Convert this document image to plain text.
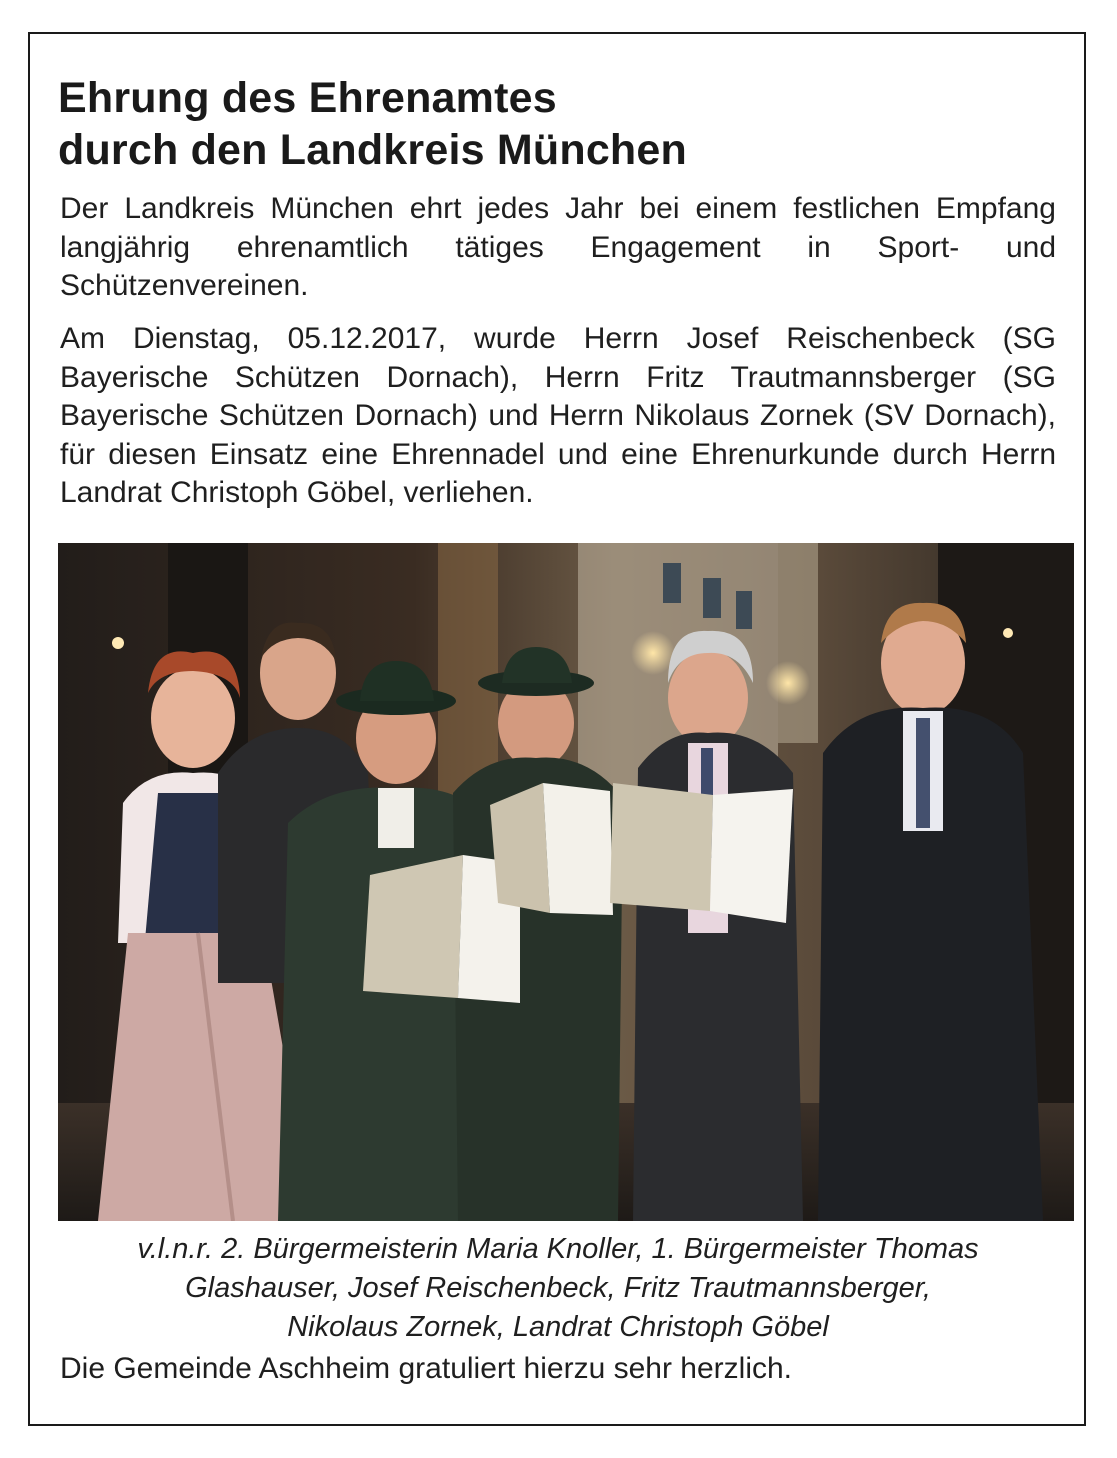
Ehrung des Ehrenamtes
durch den Landkreis München

Der Landkreis München ehrt jedes Jahr bei einem festlichen Empfang langjährig ehrenamtlich tätiges Engagement in Sport- und Schützenvereinen.

Am Dienstag, 05.12.2017, wurde Herrn Josef Reischenbeck (SG Bayerische Schützen Dornach), Herrn Fritz Trautmannsberger (SG Bayerische Schützen Dornach) und Herrn Nikolaus Zornek (SV Dornach), für diesen Einsatz eine Ehrennadel und eine Ehrenurkunde durch Herrn Landrat Christoph Göbel, verliehen.

v.l.n.r. 2. Bürgermeisterin Maria Knoller, 1. Bürgermeister Thomas
Glashauser, Josef Reischenbeck, Fritz Trautmannsberger,
Nikolaus Zornek, Landrat Christoph Göbel

Die Gemeinde Aschheim gratuliert hierzu sehr herzlich.
